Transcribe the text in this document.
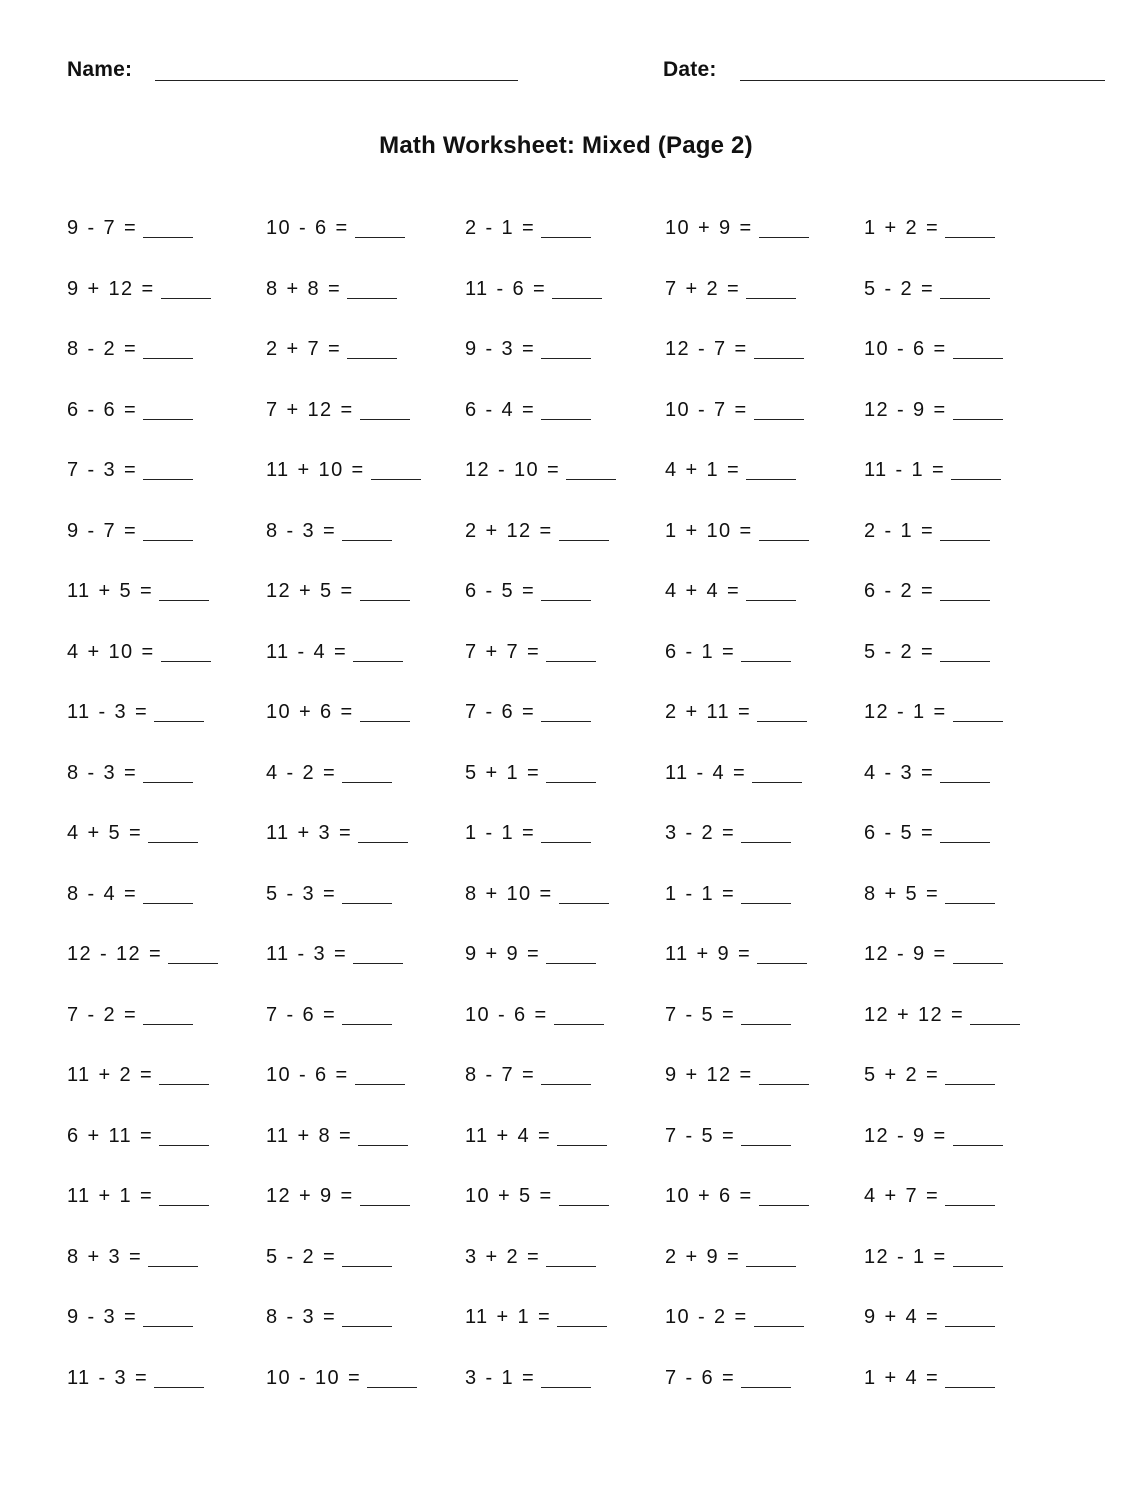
Name:	Date:
Math Worksheet: Mixed (Page 2)
9 - 7 =	10 - 6 =	2 - 1 =	10 + 9 =	1 + 2 =
9 + 12 =	8 + 8 =	11 - 6 =	7 + 2 =	5 - 2 =
8 - 2 =	2 + 7 =	9 - 3 =	12 - 7 =	10 - 6 =
6 - 6 =	7 + 12 =	6 - 4 =	10 - 7 =	12 - 9 =
7 - 3 =	11 + 10 =	12 - 10 =	4 + 1 =	11 - 1 =
9 - 7 =	8 - 3 =	2 + 12 =	1 + 10 =	2 - 1 =
11 + 5 =	12 + 5 =	6 - 5 =	4 + 4 =	6 - 2 =
4 + 10 =	11 - 4 =	7 + 7 =	6 - 1 =	5 - 2 =
11 - 3 =	10 + 6 =	7 - 6 =	2 + 11 =	12 - 1 =
8 - 3 =	4 - 2 =	5 + 1 =	11 - 4 =	4 - 3 =
4 + 5 =	11 + 3 =	1 - 1 =	3 - 2 =	6 - 5 =
8 - 4 =	5 - 3 =	8 + 10 =	1 - 1 =	8 + 5 =
12 - 12 =	11 - 3 =	9 + 9 =	11 + 9 =	12 - 9 =
7 - 2 =	7 - 6 =	10 - 6 =	7 - 5 =	12 + 12 =
11 + 2 =	10 - 6 =	8 - 7 =	9 + 12 =	5 + 2 =
6 + 11 =	11 + 8 =	11 + 4 =	7 - 5 =	12 - 9 =
11 + 1 =	12 + 9 =	10 + 5 =	10 + 6 =	4 + 7 =
8 + 3 =	5 - 2 =	3 + 2 =	2 + 9 =	12 - 1 =
9 - 3 =	8 - 3 =	11 + 1 =	10 - 2 =	9 + 4 =
11 - 3 =	10 - 10 =	3 - 1 =	7 - 6 =	1 + 4 =
